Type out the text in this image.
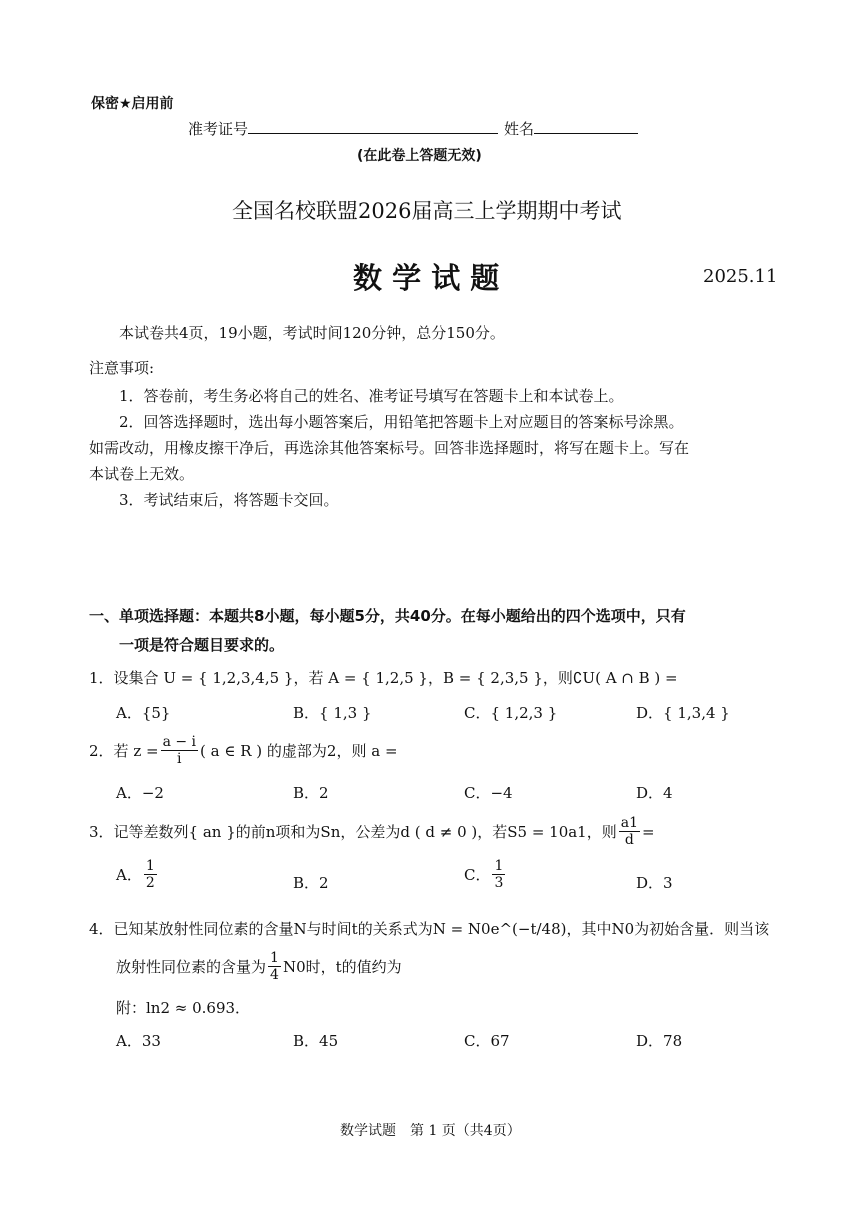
保密★启用前
准考证号	姓名
(在此卷上答题无效)
全国名校联盟2026届高三上学期期中考试
数 学 试 题	2025.11
本试卷共4页，19小题，考试时间120分钟，总分150分。
注意事项:
1．答卷前，考生务必将自己的姓名、准考证号填写在答题卡上和本试卷上。
2．回答选择题时，选出每小题答案后，用铅笔把答题卡上对应题目的答案标号涂黑。
如需改动，用橡皮擦干净后，再选涂其他答案标号。回答非选择题时，将写在题卡上。写在
本试卷上无效。
3．考试结束后，将答题卡交回。
一、单项选择题：本题共8小题，每小题5分，共40分。在每小题给出的四个选项中，只有
一项是符合题目要求的。
1．设集合 U = { 1,2,3,4,5 }，若 A = { 1,2,5 }，B = { 2,3,5 }，则∁U( A ∩ B ) =
A．{5}	B．{ 1,3 }	C．{ 1,2,3 }	D．{ 1,3,4 }
2． 若 $z = \frac{a - i}{i}$ ( a ∈ R ) 的虚部为2，则 a =
A．−2	B．2	C．−4	D．4
3． 记等差数列{ an }的前n项和为Sn，公差为d ( d ≠ 0 )，若S5 = 10a1，则 $\frac{a1}{d}$ =
A． $\frac{1}{2}$	B．2	C． $\frac{1}{3}$	D．3
4．已知某放射性同位素的含量N与时间t的关系式为N = N0e^(−t/48)，其中N0为初始含量．则当该
放射性同位素的含量为 $\frac{1}{4} N0$时，t的值约为
附：ln2 ≈ 0.693．
A．33	B．45	C．67	D．78
数学试题　第 1 页（共4页）
